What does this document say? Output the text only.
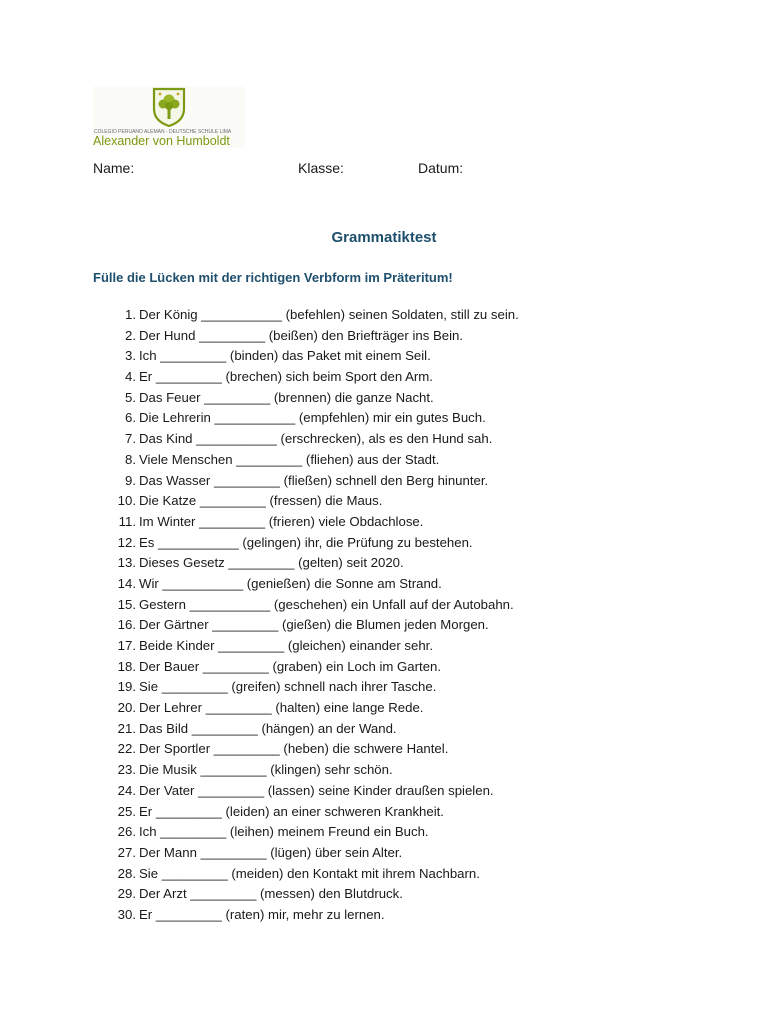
COLEGIO PERUANO ALEMÁN - DEUTSCHE SCHULE LIMA
Alexander von Humboldt
Name:	Klasse:	Datum:
Grammatiktest
Fülle die Lücken mit der richtigen Verbform im Präteritum!
1. Der König ___________ (befehlen) seinen Soldaten, still zu sein.
2. Der Hund _________ (beißen) den Briefträger ins Bein.
3. Ich _________ (binden) das Paket mit einem Seil.
4. Er _________ (brechen) sich beim Sport den Arm.
5. Das Feuer _________ (brennen) die ganze Nacht.
6. Die Lehrerin ___________ (empfehlen) mir ein gutes Buch.
7. Das Kind ___________ (erschrecken), als es den Hund sah.
8. Viele Menschen _________ (fliehen) aus der Stadt.
9. Das Wasser _________ (fließen) schnell den Berg hinunter.
10. Die Katze _________ (fressen) die Maus.
11. Im Winter _________ (frieren) viele Obdachlose.
12. Es ___________ (gelingen) ihr, die Prüfung zu bestehen.
13. Dieses Gesetz _________ (gelten) seit 2020.
14. Wir ___________ (genießen) die Sonne am Strand.
15. Gestern ___________ (geschehen) ein Unfall auf der Autobahn.
16. Der Gärtner _________ (gießen) die Blumen jeden Morgen.
17. Beide Kinder _________ (gleichen) einander sehr.
18. Der Bauer _________ (graben) ein Loch im Garten.
19. Sie _________ (greifen) schnell nach ihrer Tasche.
20. Der Lehrer _________ (halten) eine lange Rede.
21. Das Bild _________ (hängen) an der Wand.
22. Der Sportler _________ (heben) die schwere Hantel.
23. Die Musik _________ (klingen) sehr schön.
24. Der Vater _________ (lassen) seine Kinder draußen spielen.
25. Er _________ (leiden) an einer schweren Krankheit.
26. Ich _________ (leihen) meinem Freund ein Buch.
27. Der Mann _________ (lügen) über sein Alter.
28. Sie _________ (meiden) den Kontakt mit ihrem Nachbarn.
29. Der Arzt _________ (messen) den Blutdruck.
30. Er _________ (raten) mir, mehr zu lernen.
